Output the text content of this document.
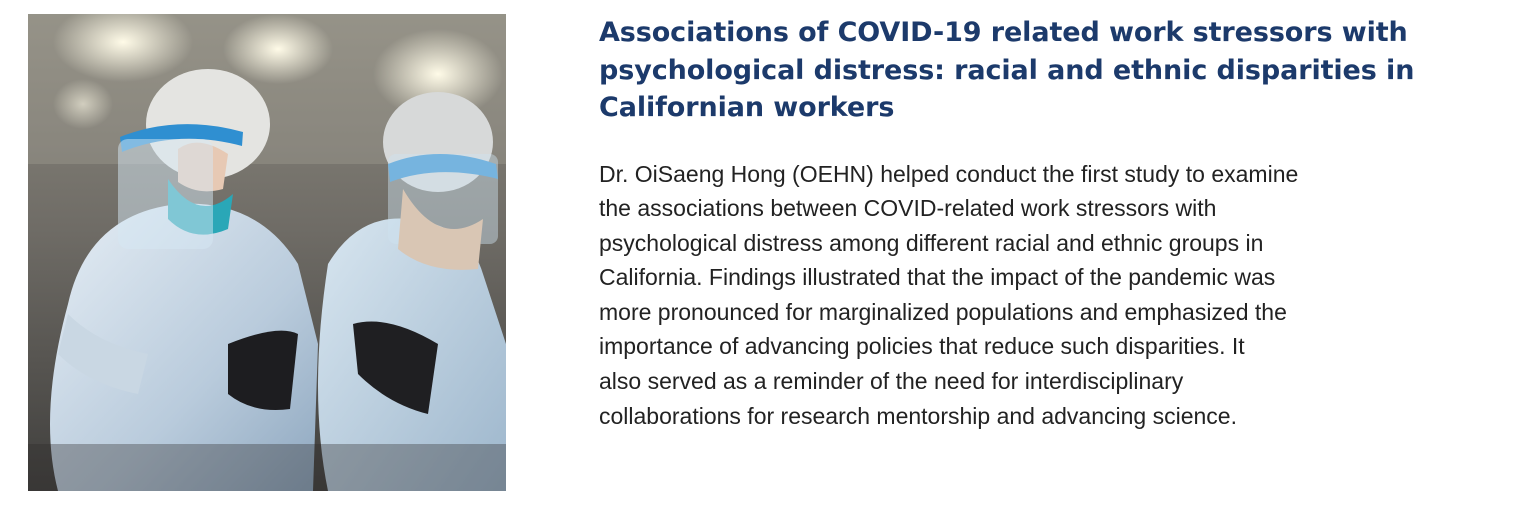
Associations of COVID-19 related work stressors with
psychological distress: racial and ethnic disparities in
Californian workers

Dr. OiSaeng Hong (OEHN) helped conduct the first study to examine
the associations between COVID-related work stressors with
psychological distress among different racial and ethnic groups in
California. Findings illustrated that the impact of the pandemic was
more pronounced for marginalized populations and emphasized the
importance of advancing policies that reduce such disparities. It
also served as a reminder of the need for interdisciplinary
collaborations for research mentorship and advancing science.
